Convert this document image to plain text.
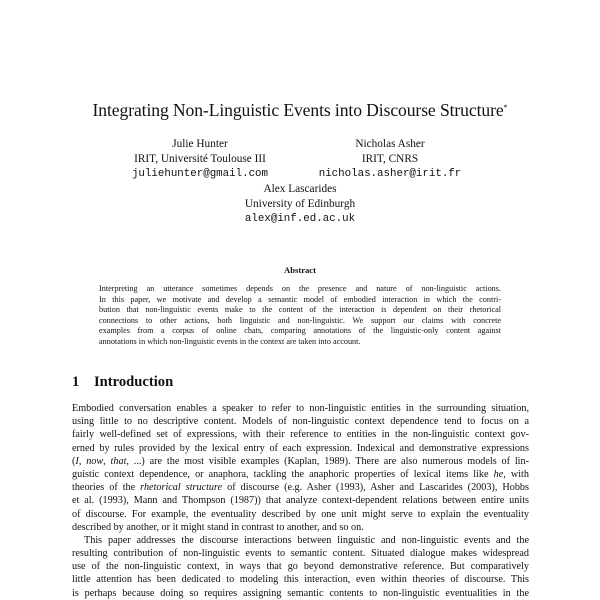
Integrating Non-Linguistic Events into Discourse Structure*
Julie Hunter
IRIT, Université Toulouse III
juliehunter@gmail.com
Nicholas Asher
IRIT, CNRS
nicholas.asher@irit.fr
Alex Lascarides
University of Edinburgh
alex@inf.ed.ac.uk
Abstract
Interpreting an utterance sometimes depends on the presence and nature of non-linguistic actions.
In this paper, we motivate and develop a semantic model of embodied interaction in which the contri-
bution that non-linguistic events make to the content of the interaction is dependent on their rhetorical
connections to other actions, both linguistic and non-linguistic. We support our claims with concrete
examples from a corpus of online chats, comparing annotations of the linguistic-only content against
annotations in which non-linguistic events in the context are taken into account.
1 Introduction
Embodied conversation enables a speaker to refer to non-linguistic entities in the surrounding situation,
using little to no descriptive content. Models of non-linguistic context dependence tend to focus on a
fairly well-defined set of expressions, with their reference to entities in the non-linguistic context gov-
erned by rules provided by the lexical entry of each expression. Indexical and demonstrative expressions
(I, now, that, ...) are the most visible examples (Kaplan, 1989). There are also numerous models of lin-
guistic context dependence, or anaphora, tackling the anaphoric properties of lexical items like he, with
theories of the rhetorical structure of discourse (e.g. Asher (1993), Asher and Lascarides (2003), Hobbs
et al. (1993), Mann and Thompson (1987)) that analyze context-dependent relations between entire units
of discourse. For example, the eventuality described by one unit might serve to explain the eventuality
described by another, or it might stand in contrast to another, and so on.
This paper addresses the discourse interactions between linguistic and non-linguistic events and the
resulting contribution of non-linguistic events to semantic content. Situated dialogue makes widespread
use of the non-linguistic context, in ways that go beyond demonstrative reference. But comparatively
little attention has been dedicated to modeling this interaction, even within theories of discourse. This
is perhaps because doing so requires assigning semantic contents to non-linguistic eventualities in the
